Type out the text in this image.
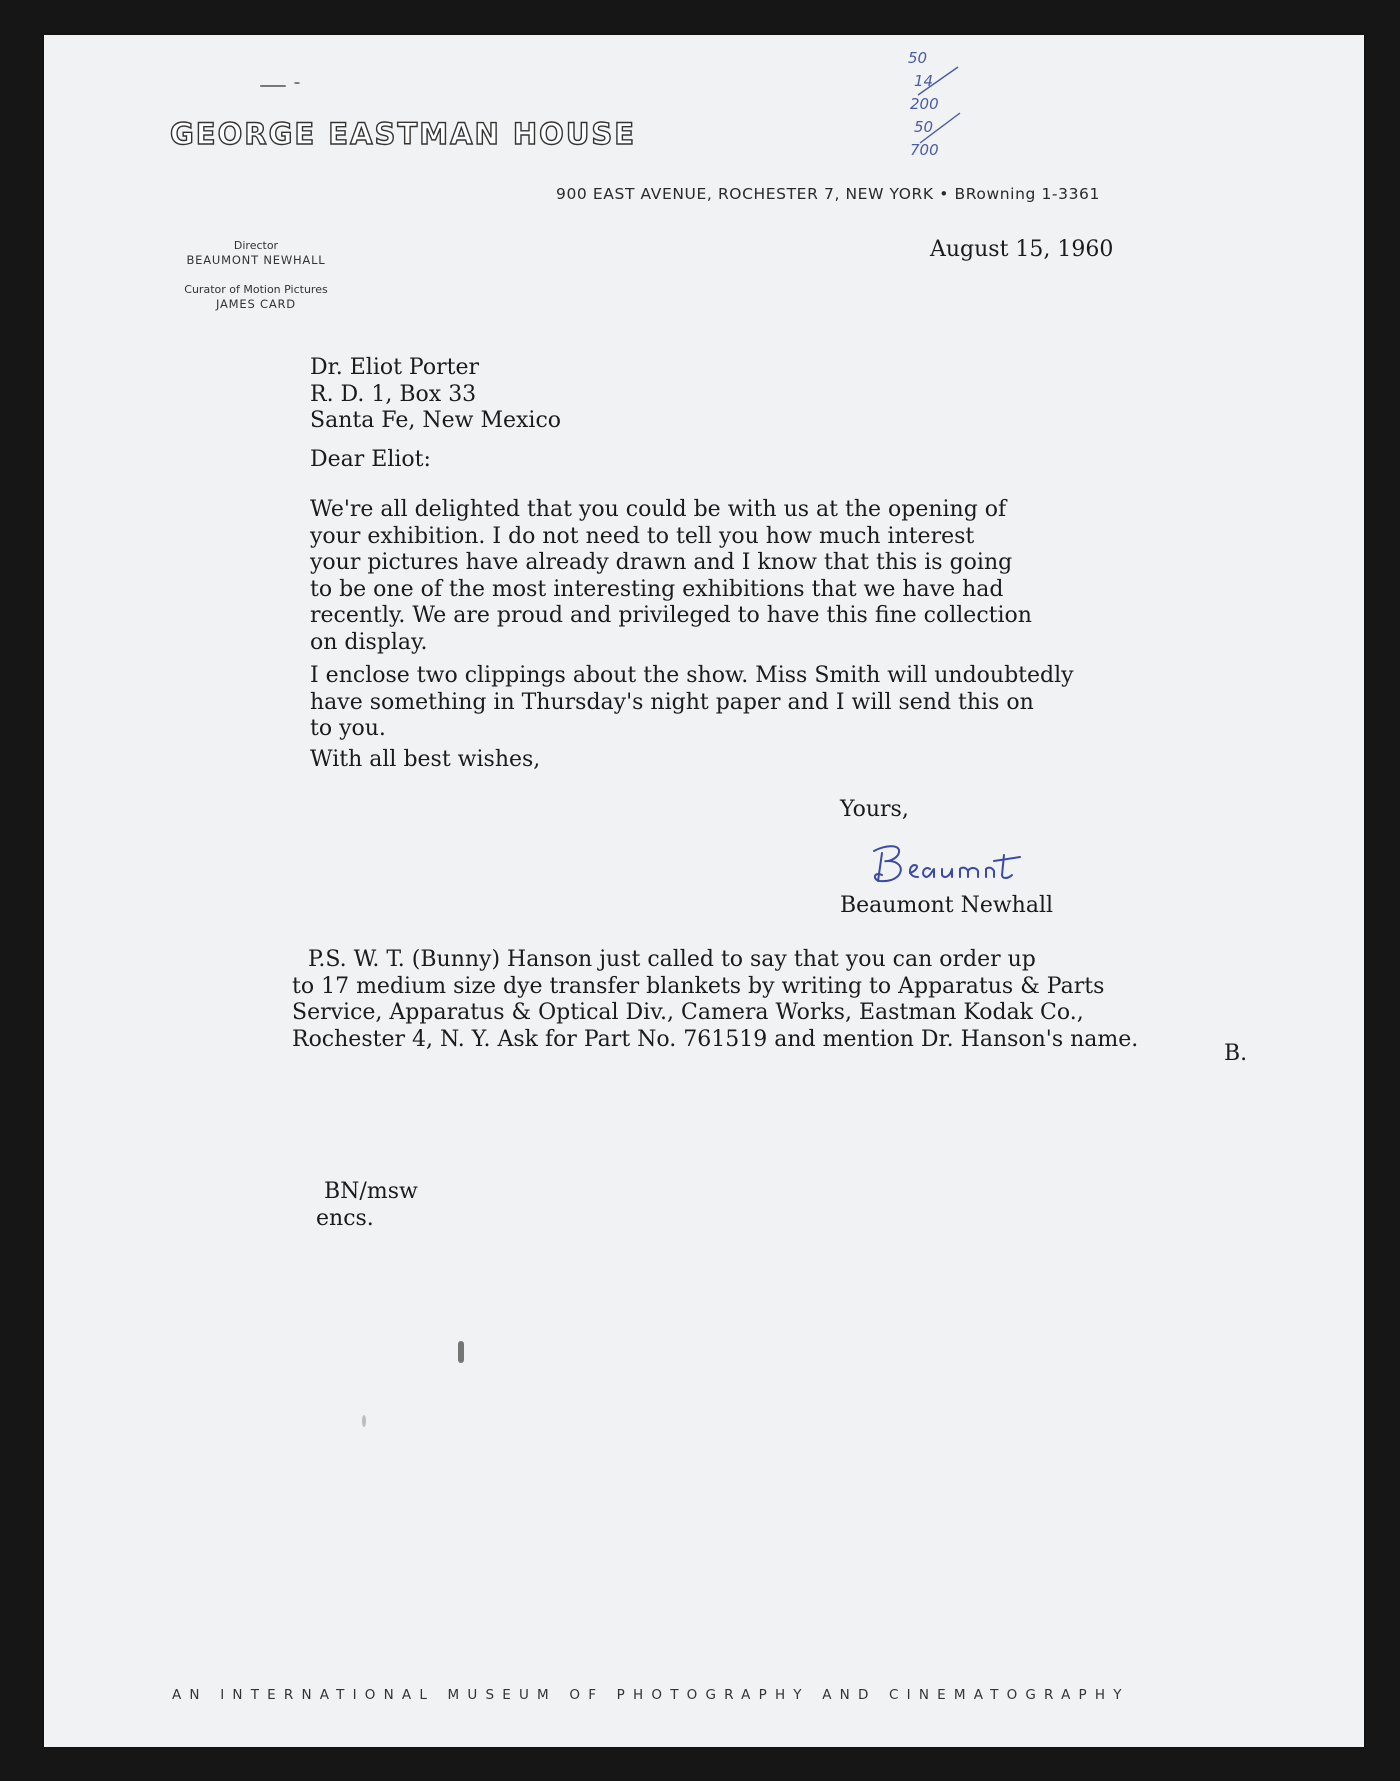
50
14
200
50
700
GEORGE EASTMAN HOUSE
900 EAST AVENUE, ROCHESTER 7, NEW YORK • BRowning 1-3361
Director
BEAUMONT NEWHALL
Curator of Motion Pictures
JAMES CARD
August 15, 1960
Dr. Eliot Porter
R. D. 1, Box 33
Santa Fe, New Mexico
Dear Eliot:
We're all delighted that you could be with us at the opening of
your exhibition. I do not need to tell you how much interest
your pictures have already drawn and I know that this is going
to be one of the most interesting exhibitions that we have had
recently. We are proud and privileged to have this fine collection
on display.
I enclose two clippings about the show. Miss Smith will undoubtedly
have something in Thursday's night paper and I will send this on
to you.
With all best wishes,
Yours,
Beaumont Newhall
P.S. W. T. (Bunny) Hanson just called to say that you can order up
to 17 medium size dye transfer blankets by writing to Apparatus & Parts
Service, Apparatus & Optical Div., Camera Works, Eastman Kodak Co.,
Rochester 4, N. Y. Ask for Part No. 761519 and mention Dr. Hanson's name.
B.
BN/msw
encs.
AN INTERNATIONAL MUSEUM OF PHOTOGRAPHY AND CINEMATOGRAPHY
